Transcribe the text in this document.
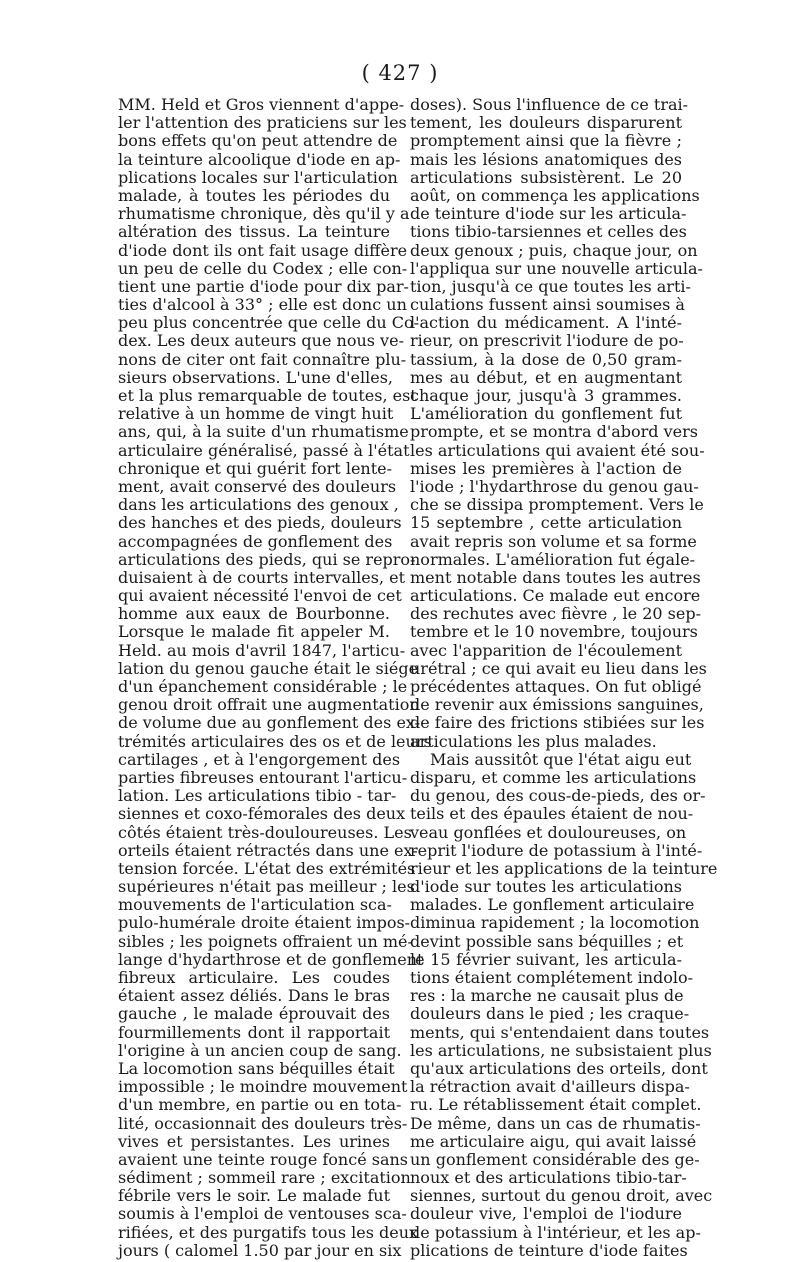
( 427 )
MM. Held et Gros viennent d'appe-
ler l'attention des praticiens sur les
bons effets qu'on peut attendre de
la teinture alcoolique d'iode en ap-
plications locales sur l'articulation
malade, à toutes les périodes du
rhumatisme chronique, dès qu'il y a
altération des tissus. La teinture
d'iode dont ils ont fait usage diffère
un peu de celle du Codex ; elle con-
tient une partie d'iode pour dix par-
ties d'alcool à 33° ; elle est donc un
peu plus concentrée que celle du Co-
dex. Les deux auteurs que nous ve-
nons de citer ont fait connaître plu-
sieurs observations. L'une d'elles,
et la plus remarquable de toutes, est
relative à un homme de vingt huit
ans, qui, à la suite d'un rhumatisme
articulaire généralisé, passé à l'état
chronique et qui guérit fort lente-
ment, avait conservé des douleurs
dans les articulations des genoux ,
des hanches et des pieds, douleurs
accompagnées de gonflement des
articulations des pieds, qui se repro-
duisaient à de courts intervalles, et
qui avaient nécessité l'envoi de cet
homme aux eaux de Bourbonne.
Lorsque le malade fit appeler M.
Held. au mois d'avril 1847, l'articu-
lation du genou gauche était le siége
d'un épanchement considérable ; le
genou droit offrait une augmentation
de volume due au gonflement des ex-
trémités articulaires des os et de leurs
cartilages , et à l'engorgement des
parties fibreuses entourant l'articu-
lation. Les articulations tibio - tar-
siennes et coxo-fémorales des deux
côtés étaient très-douloureuses. Les
orteils étaient rétractés dans une ex-
tension forcée. L'état des extrémités
supérieures n'était pas meilleur ; les
mouvements de l'articulation sca-
pulo-humérale droite étaient impos-
sibles ; les poignets offraient un mé-
lange d'hydarthrose et de gonflement
fibreux articulaire. Les coudes
étaient assez déliés. Dans le bras
gauche , le malade éprouvait des
fourmillements dont il rapportait
l'origine à un ancien coup de sang.
La locomotion sans béquilles était
impossible ; le moindre mouvement
d'un membre, en partie ou en tota-
lité, occasionnait des douleurs très-
vives et persistantes. Les urines
avaient une teinte rouge foncé sans
sédiment ; sommeil rare ; excitation
fébrile vers le soir. Le malade fut
soumis à l'emploi de ventouses sca-
rifiées, et des purgatifs tous les deux
jours ( calomel 1.50 par jour en six
doses). Sous l'influence de ce trai-
tement, les douleurs disparurent
promptement ainsi que la fièvre ;
mais les lésions anatomiques des
articulations subsistèrent. Le 20
août, on commença les applications
de teinture d'iode sur les articula-
tions tibio-tarsiennes et celles des
deux genoux ; puis, chaque jour, on
l'appliqua sur une nouvelle articula-
tion, jusqu'à ce que toutes les arti-
culations fussent ainsi soumises à
l'action du médicament. A l'inté-
rieur, on prescrivit l'iodure de po-
tassium, à la dose de 0,50 gram-
mes au début, et en augmentant
chaque jour, jusqu'à 3 grammes.
L'amélioration du gonflement fut
prompte, et se montra d'abord vers
les articulations qui avaient été sou-
mises les premières à l'action de
l'iode ; l'hydarthrose du genou gau-
che se dissipa promptement. Vers le
15 septembre , cette articulation
avait repris son volume et sa forme
normales. L'amélioration fut égale-
ment notable dans toutes les autres
articulations. Ce malade eut encore
des rechutes avec fièvre , le 20 sep-
tembre et le 10 novembre, toujours
avec l'apparition de l'écoulement
urétral ; ce qui avait eu lieu dans les
précédentes attaques. On fut obligé
de revenir aux émissions sanguines,
de faire des frictions stibiées sur les
articulations les plus malades.
Mais aussitôt que l'état aigu eut
disparu, et comme les articulations
du genou, des cous-de-pieds, des or-
teils et des épaules étaient de nou-
veau gonflées et douloureuses, on
reprit l'iodure de potassium à l'inté-
rieur et les applications de la teinture
d'iode sur toutes les articulations
malades. Le gonflement articulaire
diminua rapidement ; la locomotion
devint possible sans béquilles ; et
le 15 février suivant, les articula-
tions étaient complétement indolo-
res : la marche ne causait plus de
douleurs dans le pied ; les craque-
ments, qui s'entendaient dans toutes
les articulations, ne subsistaient plus
qu'aux articulations des orteils, dont
la rétraction avait d'ailleurs dispa-
ru. Le rétablissement était complet.
De même, dans un cas de rhumatis-
me articulaire aigu, qui avait laissé
un gonflement considérable des ge-
noux et des articulations tibio-tar-
siennes, surtout du genou droit, avec
douleur vive, l'emploi de l'iodure
de potassium à l'intérieur, et les ap-
plications de teinture d'iode faites
